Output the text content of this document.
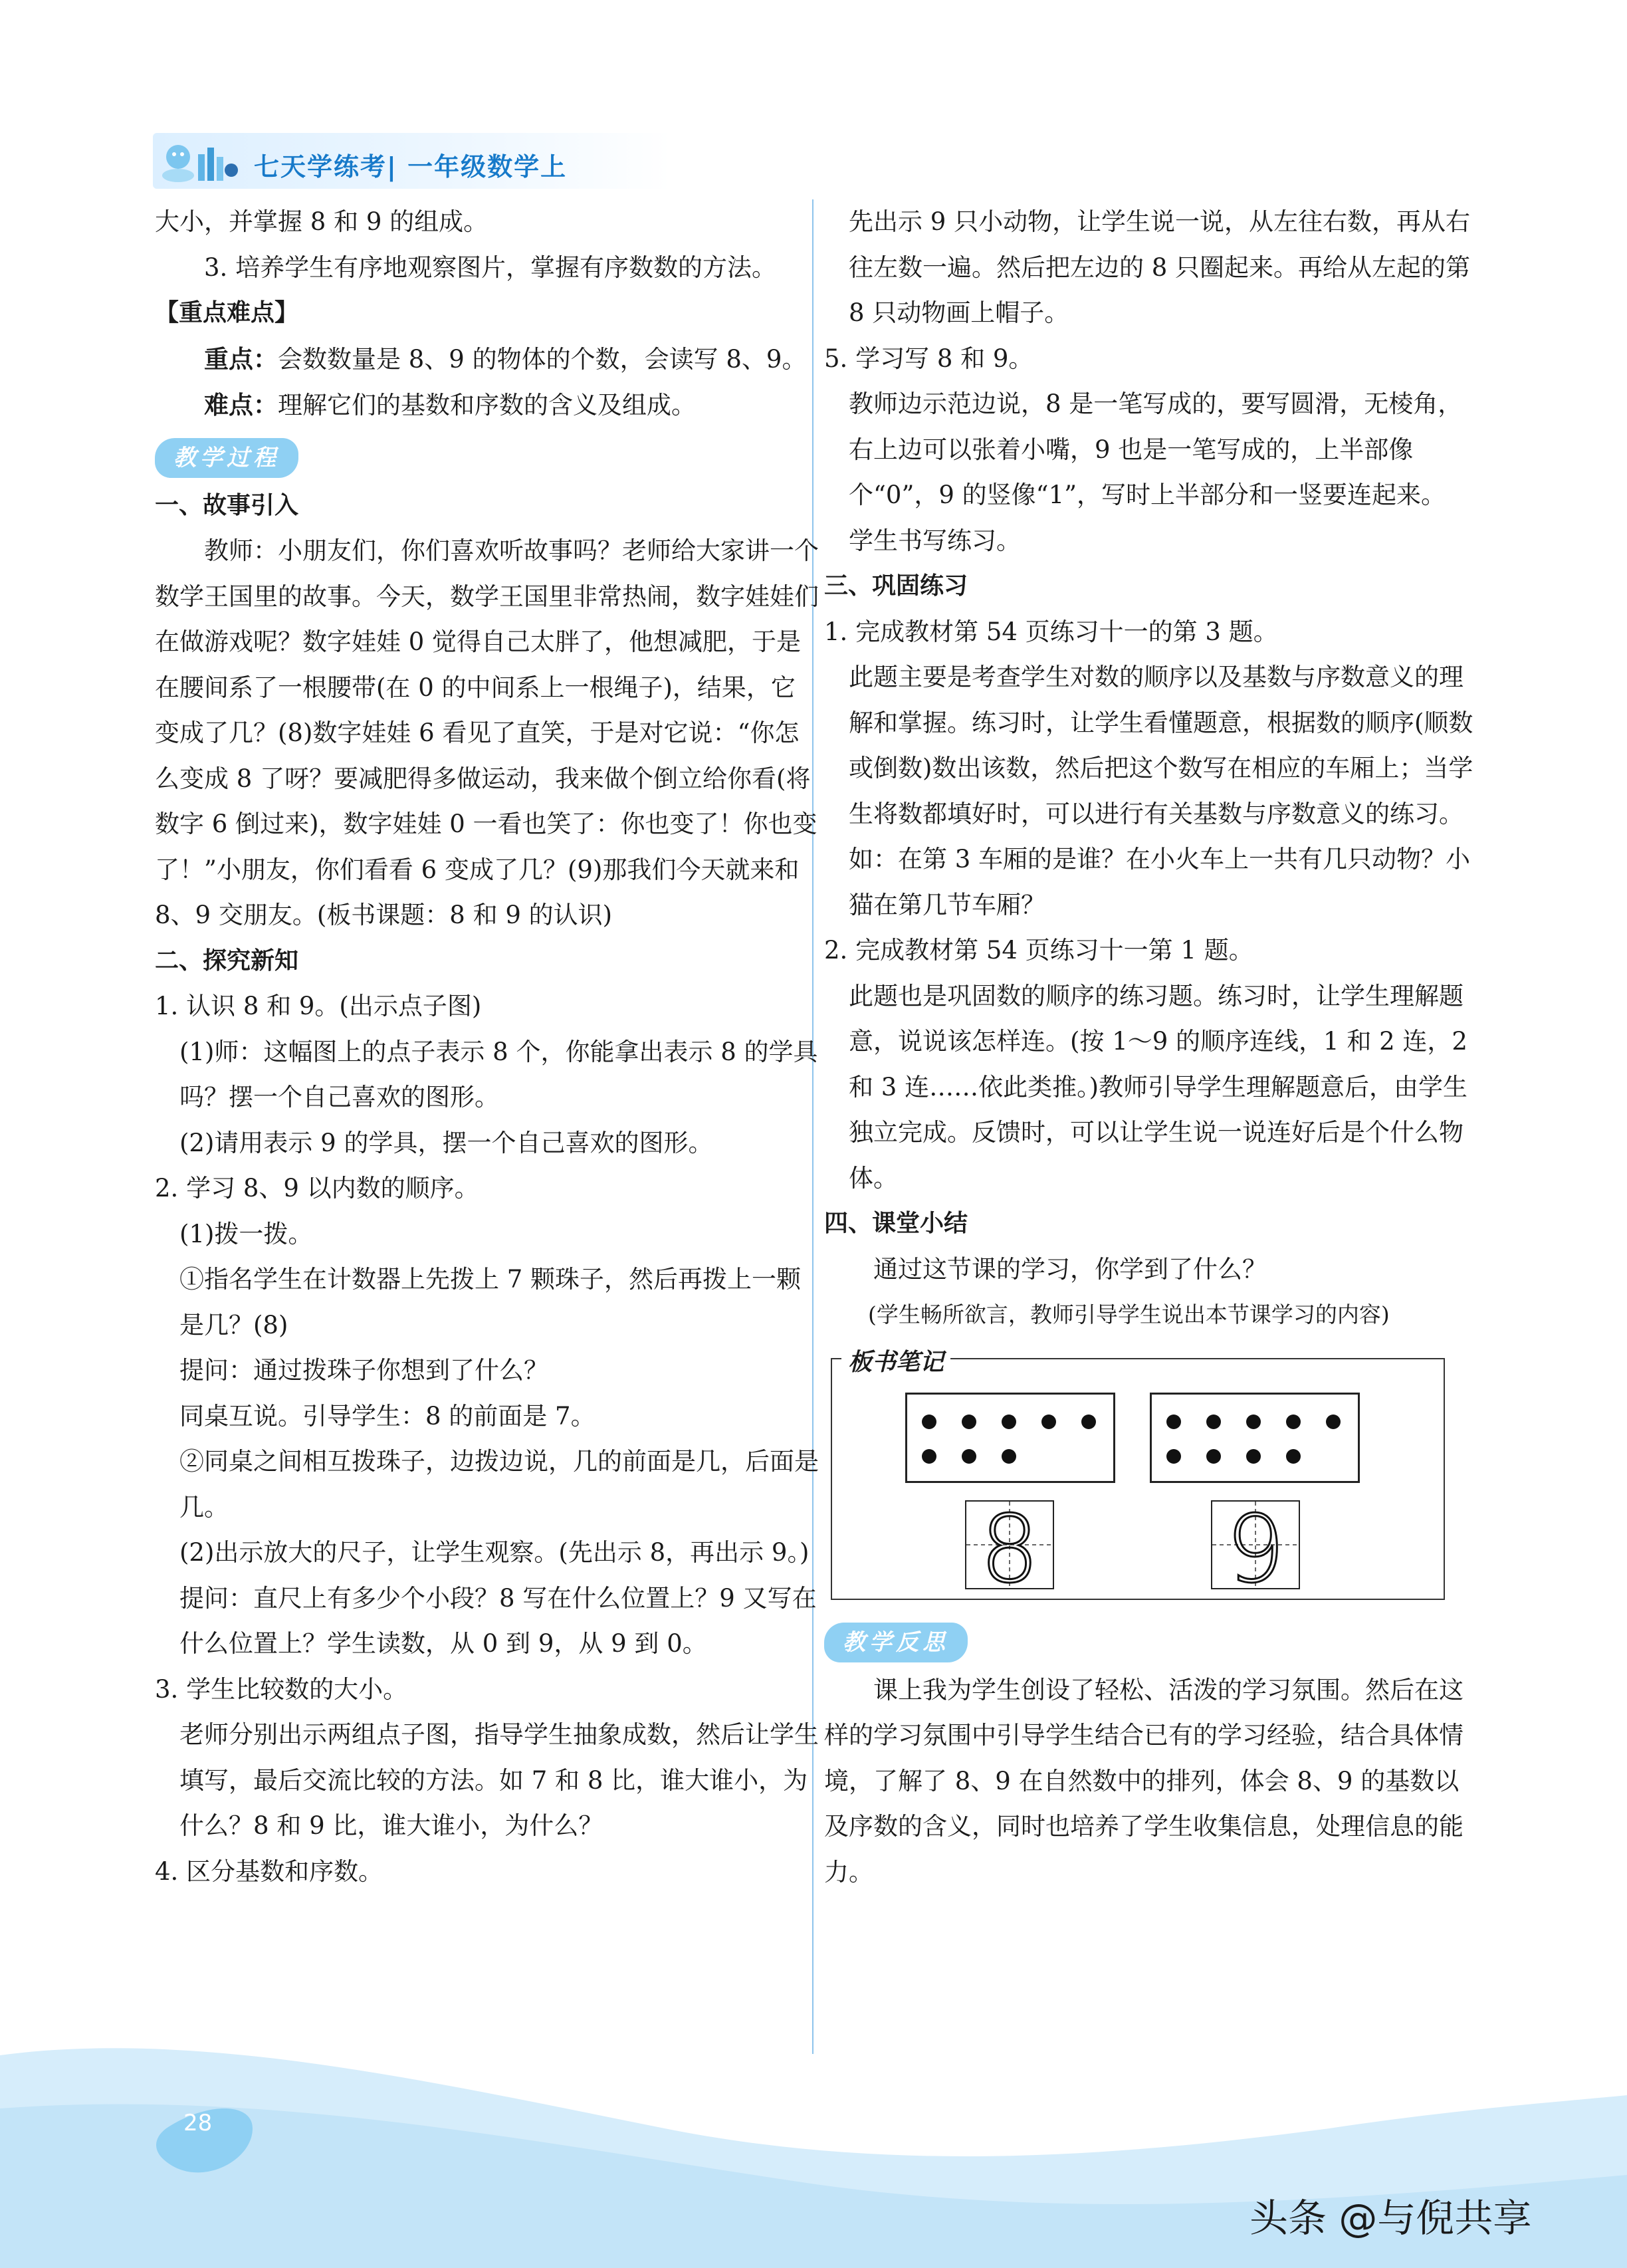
七天学练考| 一年级数学上

大小，并掌握 8 和 9 的组成。

3. 培养学生有序地观察图片，掌握有序数数的方法。

【重点难点】

重点：会数数量是 8、9 的物体的个数，会读写 8、9。

难点：理解它们的基数和序数的含义及组成。

教学过程

一、故事引入

教师：小朋友们，你们喜欢听故事吗？老师给大家讲一个数学王国里的故事。今天，数学王国里非常热闹，数字娃娃们在做游戏呢？数字娃娃 0 觉得自己太胖了，他想减肥，于是在腰间系了一根腰带(在 0 的中间系上一根绳子)，结果，它变成了几？(8)数字娃娃 6 看见了直笑，于是对它说：“你怎么变成 8 了呀？要减肥得多做运动，我来做个倒立给你看(将数字 6 倒过来)，数字娃娃 0 一看也笑了：你也变了！你也变了！”小朋友，你们看看 6 变成了几？(9)那我们今天就来和 8、9 交朋友。(板书课题：8 和 9 的认识)

二、探究新知

1. 认识 8 和 9。(出示点子图)

(1)师：这幅图上的点子表示 8 个，你能拿出表示 8 的学具吗？摆一个自己喜欢的图形。

(2)请用表示 9 的学具，摆一个自己喜欢的图形。

2. 学习 8、9 以内数的顺序。

(1)拨一拨。

①指名学生在计数器上先拨上 7 颗珠子，然后再拨上一颗是几？(8)

提问：通过拨珠子你想到了什么？

同桌互说。引导学生：8 的前面是 7。

②同桌之间相互拨珠子，边拨边说，几的前面是几，后面是几。

(2)出示放大的尺子，让学生观察。(先出示 8，再出示 9。)

提问：直尺上有多少个小段？8 写在什么位置上？9 又写在什么位置上？学生读数，从 0 到 9，从 9 到 0。

3. 学生比较数的大小。

老师分别出示两组点子图，指导学生抽象成数，然后让学生填写，最后交流比较的方法。如 7 和 8 比，谁大谁小，为什么？8 和 9 比，谁大谁小，为什么？

4. 区分基数和序数。

先出示 9 只小动物，让学生说一说，从左往右数，再从右往左数一遍。然后把左边的 8 只圈起来。再给从左起的第 8 只动物画上帽子。

5. 学习写 8 和 9。

教师边示范边说，8 是一笔写成的，要写圆滑，无棱角，右上边可以张着小嘴，9 也是一笔写成的，上半部像个“0”，9 的竖像“1”，写时上半部分和一竖要连起来。

学生书写练习。

三、巩固练习

1. 完成教材第 54 页练习十一的第 3 题。

此题主要是考查学生对数的顺序以及基数与序数意义的理解和掌握。练习时，让学生看懂题意，根据数的顺序(顺数或倒数)数出该数，然后把这个数写在相应的车厢上；当学生将数都填好时，可以进行有关基数与序数意义的练习。如：在第 3 车厢的是谁？在小火车上一共有几只动物？小猫在第几节车厢？

2. 完成教材第 54 页练习十一第 1 题。

此题也是巩固数的顺序的练习题。练习时，让学生理解题意，说说该怎样连。(按 1～9 的顺序连线，1 和 2 连，2 和 3 连……依此类推。)教师引导学生理解题意后，由学生独立完成。反馈时，可以让学生说一说连好后是个什么物体。

四、课堂小结

通过这节课的学习，你学到了什么？

(学生畅所欲言，教师引导学生说出本节课学习的内容)

板书笔记
8 9
教学反思

课上我为学生创设了轻松、活泼的学习氛围。然后在这样的学习氛围中引导学生结合已有的学习经验，结合具体情境，了解了 8、9 在自然数中的排列，体会 8、9 的基数以及序数的含义，同时也培养了学生收集信息，处理信息的能力。

28
头条 @与倪共享
